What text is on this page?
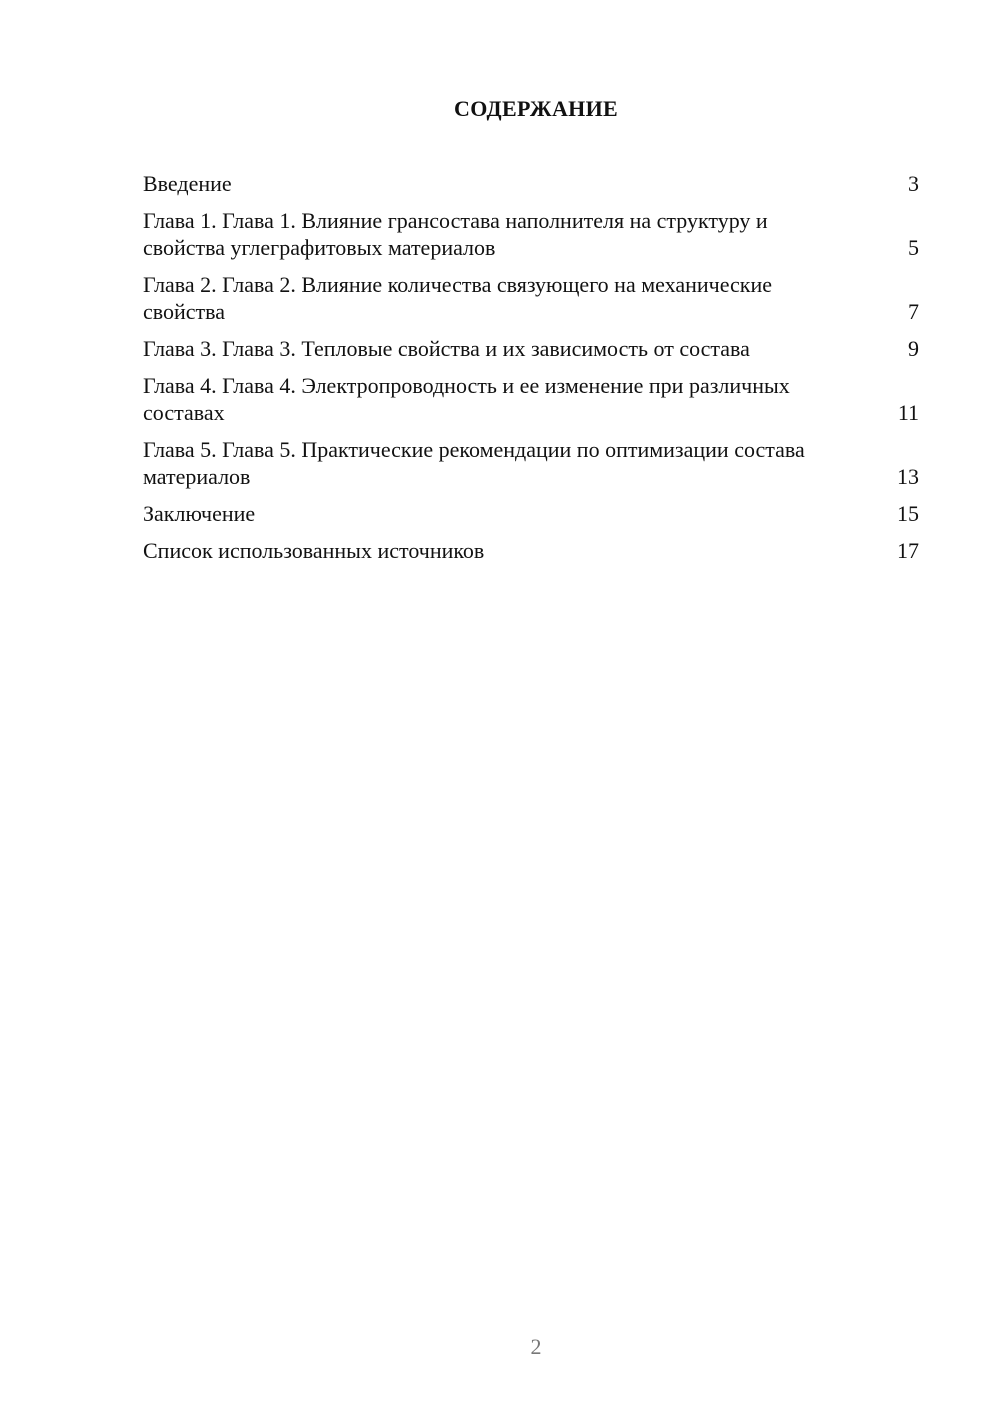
СОДЕРЖАНИЕ
Введение	3
Глава 1. Глава 1. Влияние грансостава наполнителя на структуру и свойства углеграфитовых материалов	5
Глава 2. Глава 2. Влияние количества связующего на механические свойства	7
Глава 3. Глава 3. Тепловые свойства и их зависимость от состава	9
Глава 4. Глава 4. Электропроводность и ее изменение при различных составах	11
Глава 5. Глава 5. Практические рекомендации по оптимизации состава материалов	13
Заключение	15
Список использованных источников	17
2
